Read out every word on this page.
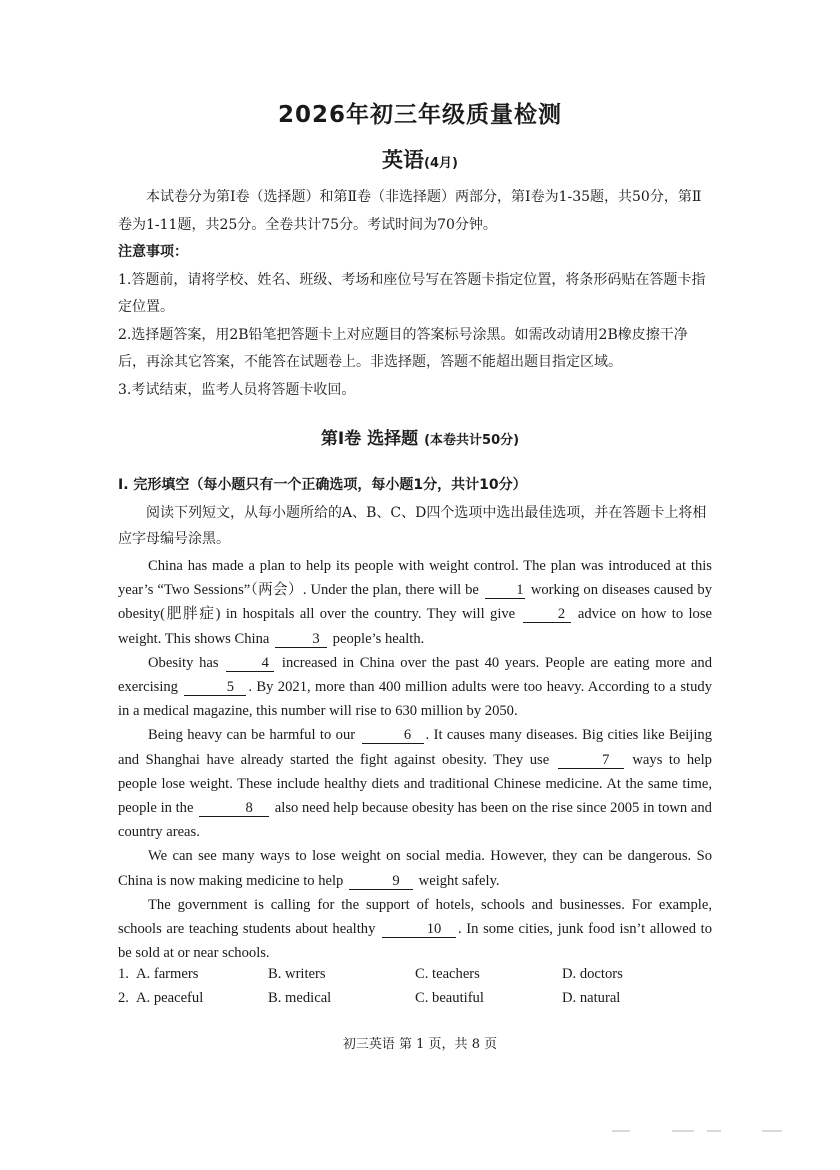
2026年初三年级质量检测
英语(4月)

本试卷分为第Ⅰ卷（选择题）和第Ⅱ卷（非选择题）两部分，第Ⅰ卷为1-35题，共50分，第Ⅱ卷为1-11题，共25分。全卷共计75分。考试时间为70分钟。

注意事项：

1.答题前，请将学校、姓名、班级、考场和座位号写在答题卡指定位置，将条形码贴在答题卡指定位置。

2.选择题答案，用2B铅笔把答题卡上对应题目的答案标号涂黑。如需改动请用2B橡皮擦干净后，再涂其它答案，不能答在试题卷上。非选择题，答题不能超出题目指定区域。

3.考试结束，监考人员将答题卡收回。

第Ⅰ卷 选择题 (本卷共计50分)
I. 完形填空（每小题只有一个正确选项，每小题1分，共计10分）

阅读下列短文，从每小题所给的A、B、C、D四个选项中选出最佳选项，并在答题卡上将相应字母编号涂黑。

China has made a plan to help its people with weight control. The plan was introduced at this year’s “Two Sessions”（两会）. Under the plan, there will be	1 working on diseases caused by obesity(肥胖症) in hospitals all over the country. They will give	2 advice on how to lose weight. This shows China	3 people’s health.

Obesity has	4 increased in China over the past 40 years. People are eating more and exercising	5 . By 2021, more than 400 million adults were too heavy. According to a study in a medical magazine, this number will rise to 630 million by 2050.

Being heavy can be harmful to our	6 . It causes many diseases. Big cities like Beijing and Shanghai have already started the fight against obesity. They use	7 ways to help people lose weight. These include healthy diets and traditional Chinese medicine. At the same time, people in the	8 also need help because obesity has been on the rise since 2005 in town and country areas.

We can see many ways to lose weight on social media. However, they can be dangerous. So China is now making medicine to help	9 weight safely.

The government is calling for the support of hotels, schools and businesses. For example, schools are teaching students about healthy	10 . In some cities, junk food isn’t allowed to be sold at or near schools.

1. A. farmers	B. writers	C. teachers	D. doctors
2. A. peaceful	B. medical	C. beautiful	D. natural
初三英语 第 1 页，共 8 页
